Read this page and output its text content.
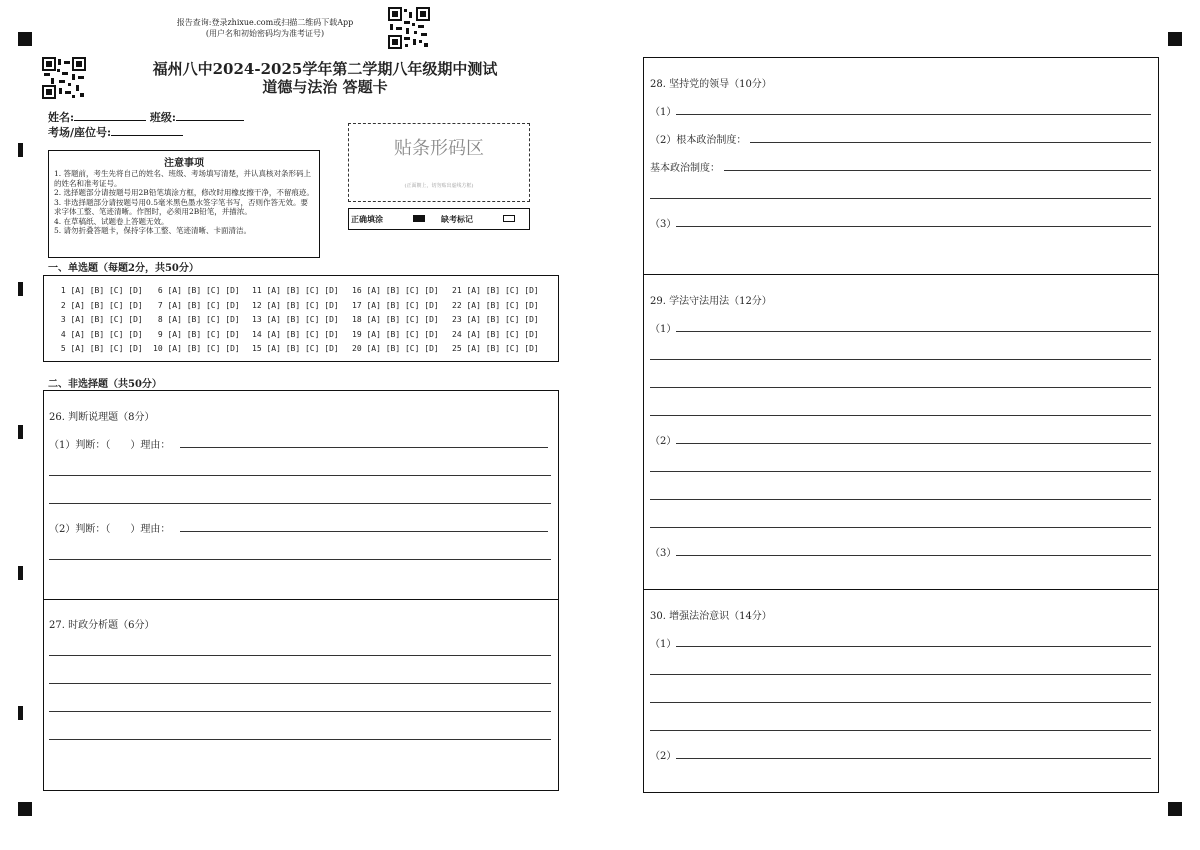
报告查询:登录zhixue.com或扫描二维码下载App
(用户名和初始密码均为准考证号)
福州八中2024-2025学年第二学期八年级期中测试
道德与法治 答题卡
姓名:	班级:
考场/座位号:
注意事项
1. 答题前，考生先将自己的姓名、班级、考场填写清楚，并认真核对条形码上的姓名和准考证号。
2. 选择题部分请按题号用2B铅笔填涂方框，修改时用橡皮擦干净，不留痕迹。
3. 非选择题部分请按题号用0.5毫米黑色墨水签字笔书写，否则作答无效。要求字体工整、笔迹清晰。作图时，必须用2B铅笔，并描浓。
4. 在草稿纸、试题卷上答题无效。
5. 请勿折叠答题卡，保持字体工整、笔迹清晰、卡面清洁。
贴条形码区
(正面朝上，切勿贴出虚线方框)
正确填涂	缺考标记
一、单选题（每题2分，共50分）
1 [A] [B] [C] [D]
2 [A] [B] [C] [D]
3 [A] [B] [C] [D]
4 [A] [B] [C] [D]
5 [A] [B] [C] [D]
6 [A] [B] [C] [D]
7 [A] [B] [C] [D]
8 [A] [B] [C] [D]
9 [A] [B] [C] [D]
10 [A] [B] [C] [D]
11 [A] [B] [C] [D]
12 [A] [B] [C] [D]
13 [A] [B] [C] [D]
14 [A] [B] [C] [D]
15 [A] [B] [C] [D]
16 [A] [B] [C] [D]
17 [A] [B] [C] [D]
18 [A] [B] [C] [D]
19 [A] [B] [C] [D]
20 [A] [B] [C] [D]
21 [A] [B] [C] [D]
22 [A] [B] [C] [D]
23 [A] [B] [C] [D]
24 [A] [B] [C] [D]
25 [A] [B] [C] [D]
二、非选择题（共50分）
26. 判断说理题（8分）
（1）判断：（　　）理由：
（2）判断：（　　）理由：
27. 时政分析题（6分）
28. 坚持党的领导（10分）
（1）
（2）根本政治制度：
基本政治制度：
（3）
29. 学法守法用法（12分）
（1）
（2）
（3）
30. 增强法治意识（14分）
（1）
（2）
